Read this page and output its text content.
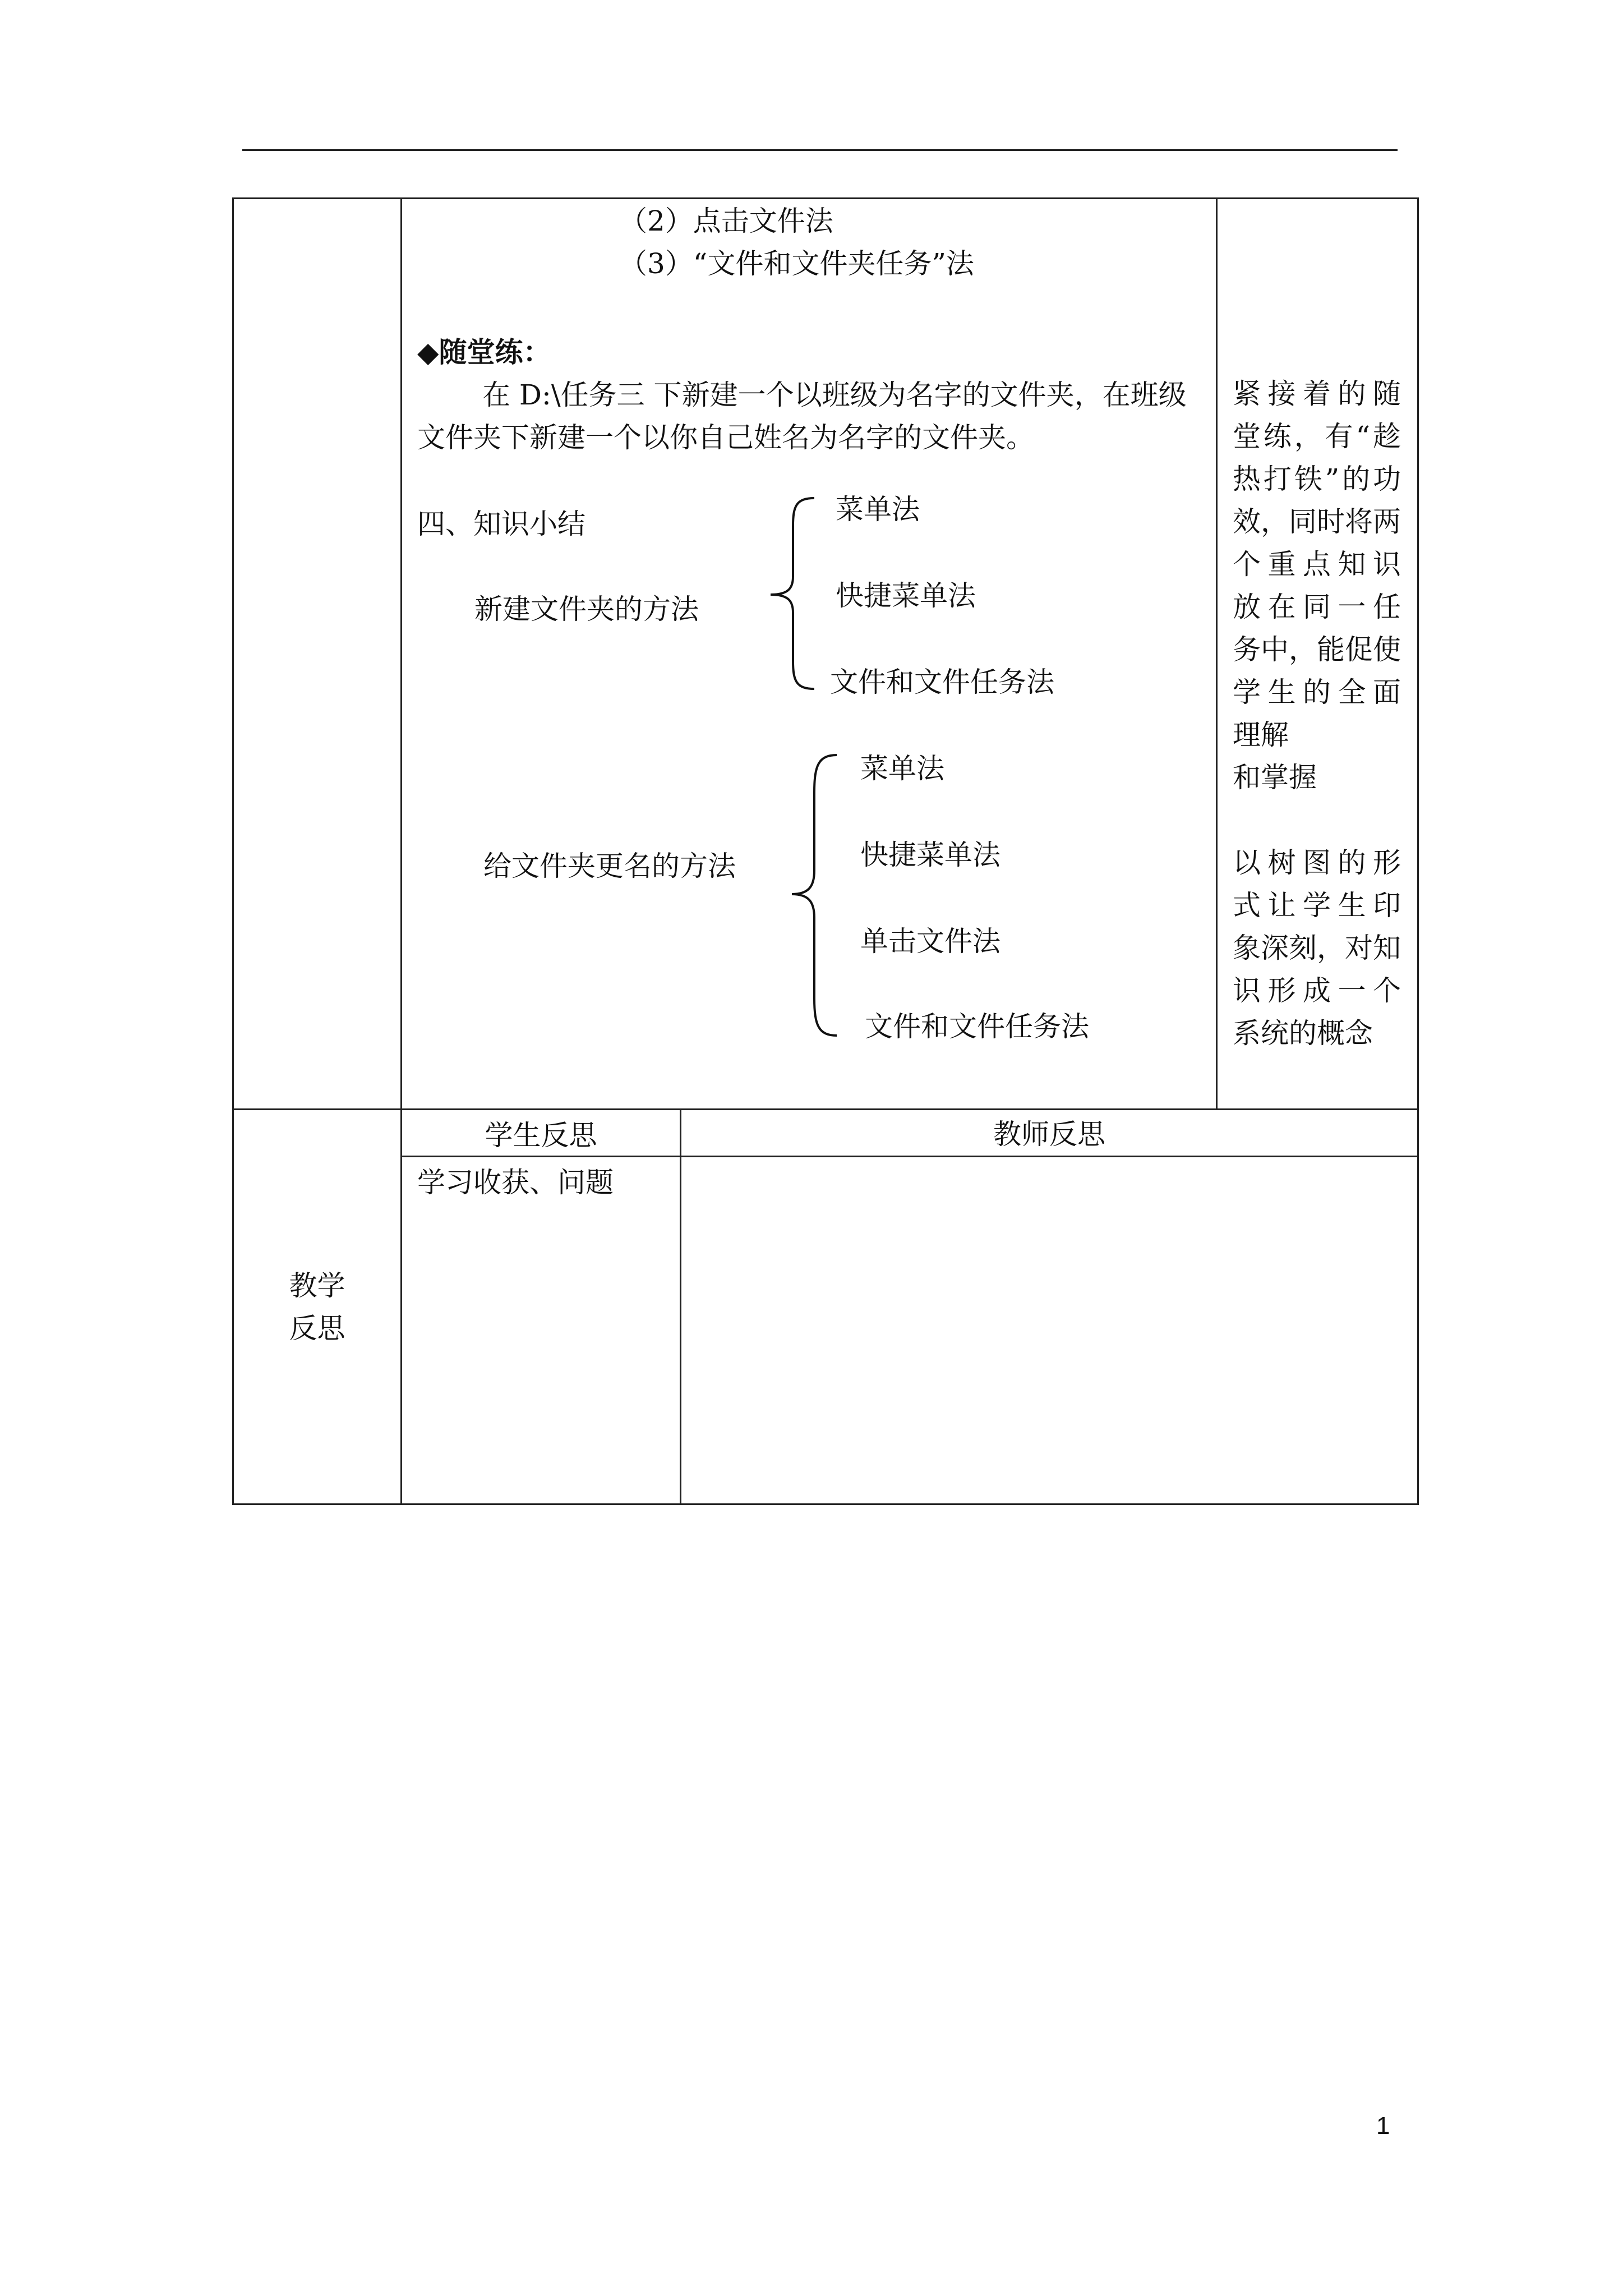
（2）点击文件法
（3）“文件和文件夹任务”法
◆随堂练：
在 D:\任务三 下新建一个以班级为名字的文件夹，在班级
文件夹下新建一个以你自己姓名为名字的文件夹。
四、知识小结
新建文件夹的方法
菜单法
快捷菜单法
文件和文件任务法
给文件夹更名的方法
菜单法
快捷菜单法
单击文件法
文件和文件任务法
紧接着的随
堂练，有“趁
热打铁”的功
效，同时将两
个重点知识
放在同一任
务中，能促使
学生的全面
理解
和掌握
以树图的形
式让学生印
象深刻，对知
识形成一个
系统的概念
教学
反思
学生反思	教师反思
学习收获、问题
1
